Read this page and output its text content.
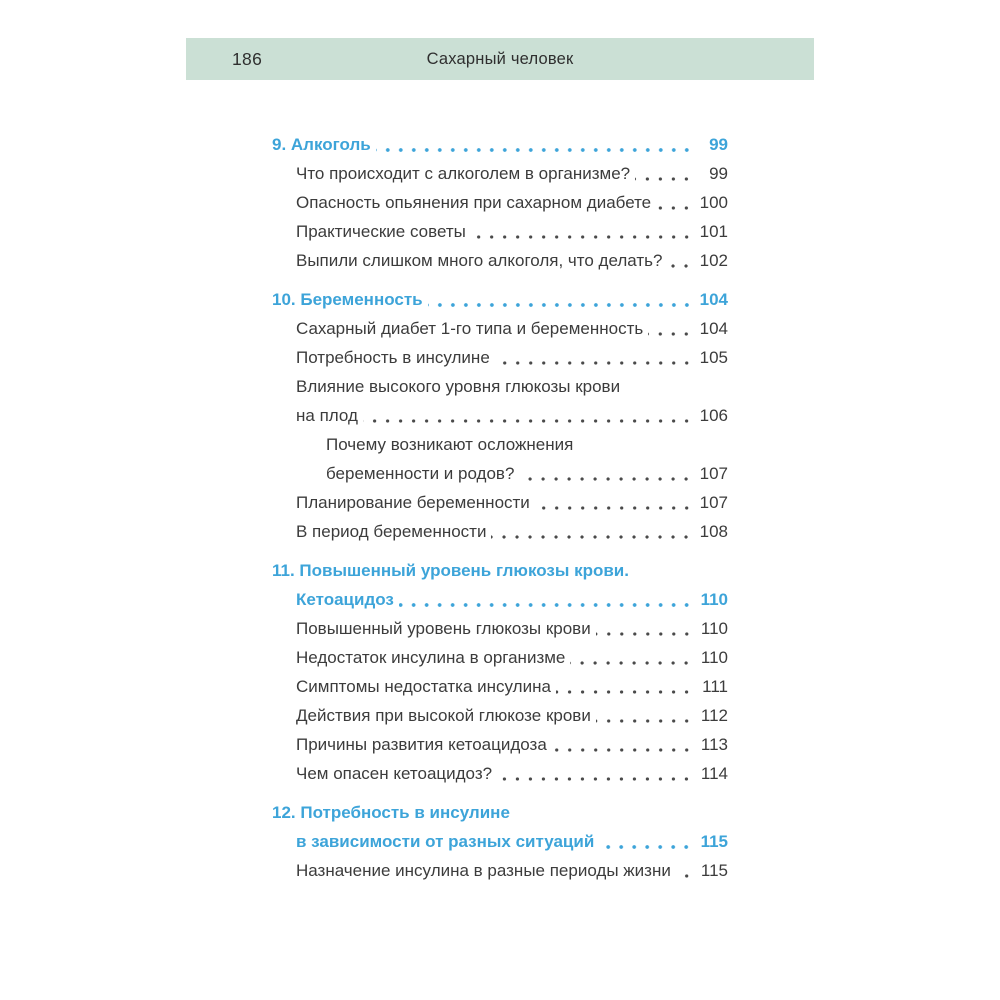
186	Сахарный человек
9. Алкоголь	99
Что происходит с алкоголем в организме?	99
Опасность опьянения при сахарном диабете	100
Практические советы	101
Выпили слишком много алкоголя, что делать? 102
10. Беременность	104
Сахарный диабет 1-го типа и беременность	104
Потребность в инсулине	105
Влияние высокого уровня глюкозы крови
на плод	106
Почему возникают осложнения
беременности и родов?	107
Планирование беременности	107
В период беременности	108
11. Повышенный уровень глюкозы крови.
Кетоацидоз	110
Повышенный уровень глюкозы крови	110
Недостаток инсулина в организме	110
Симптомы недостатка инсулина	111
Действия при высокой глюкозе крови	112
Причины развития кетоацидоза	113
Чем опасен кетоацидоз?	114
12. Потребность в инсулине
в зависимости от разных ситуаций	115
Назначение инсулина в разные периоды жизни 115
